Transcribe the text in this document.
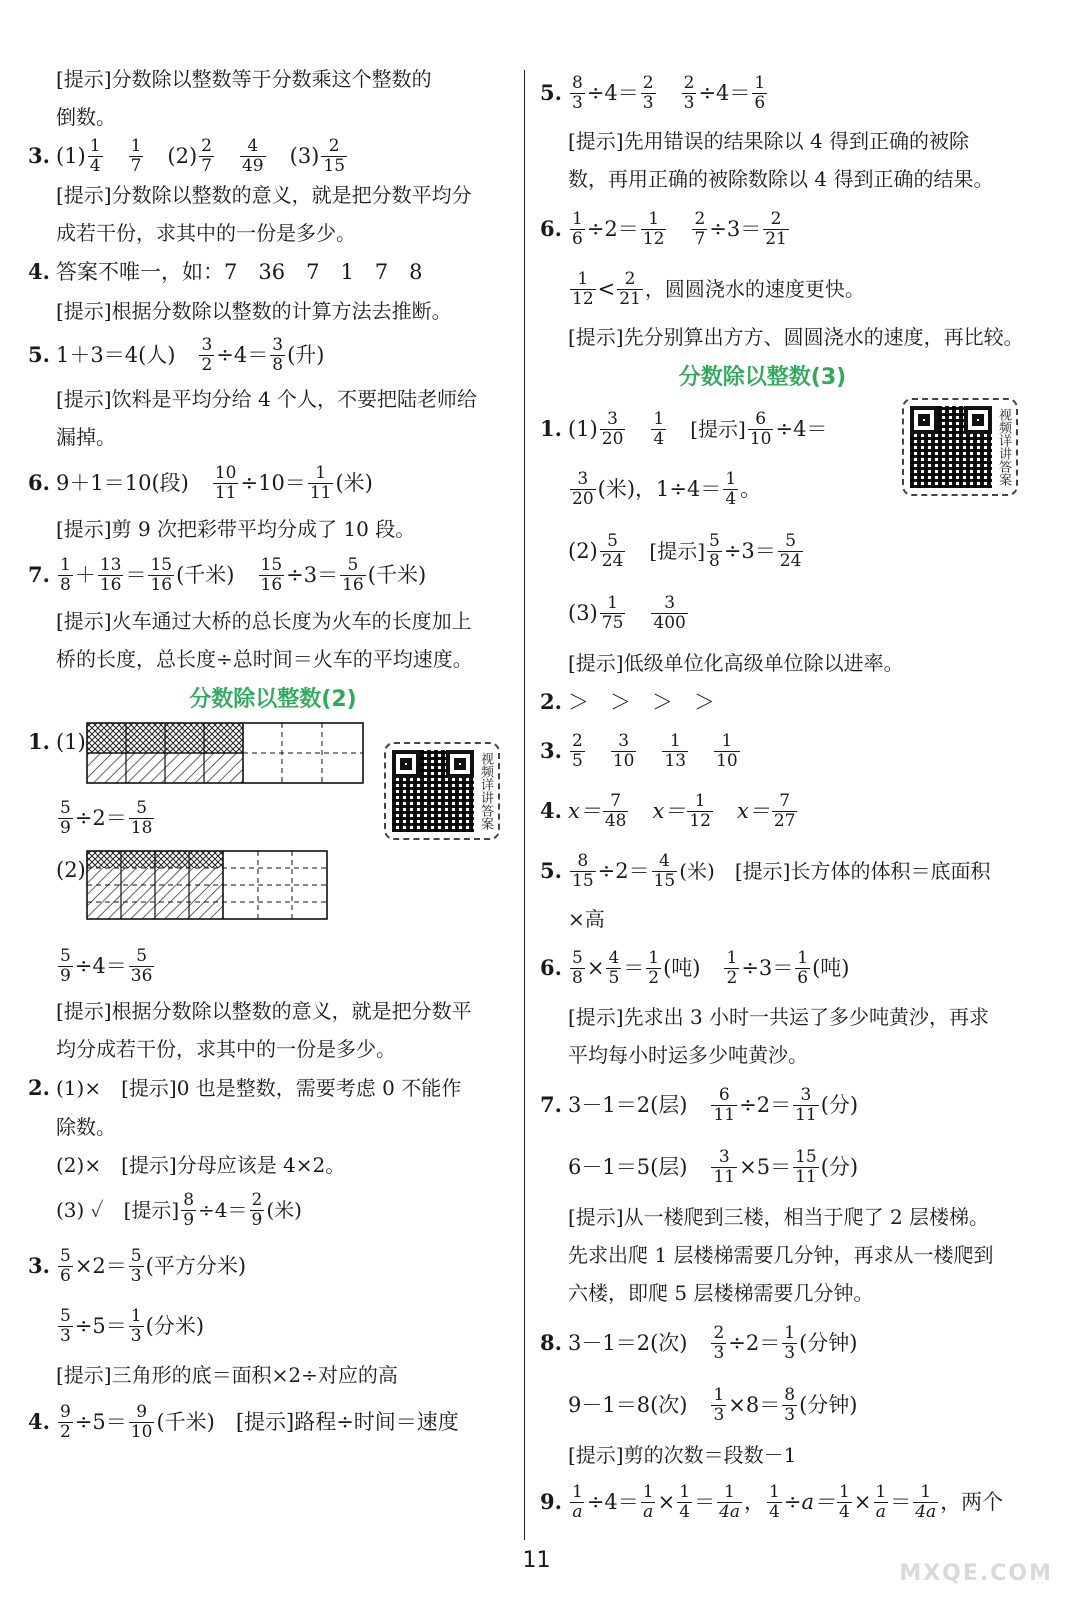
[提示]分数除以整数等于分数乘这个整数的
倒数。
3. $(1) \frac{1}{4} \frac{1}{7} (2) \frac{2}{7} \frac{4}{49} (3) \frac{2}{15}$
[提示]分数除以整数的意义，就是把分数平均分
成若干份，求其中的一份是多少。
4. 答案不唯一，如：7　36　7　1　7　8
[提示]根据分数除以整数的计算方法去推断。
5. 1＋3＝4(人) $\frac{3}{2} \div 4= \frac{3}{8}$ (升)
[提示]饮料是平均分给 4 个人，不要把陆老师给
漏掉。
6. 9＋1＝10(段) $\frac{10}{11} \div 10= \frac{1}{11}$ (米)
[提示]剪 9 次把彩带平均分成了 10 段。
7. $\frac{1}{8} + \frac{13}{16} = \frac{15}{16}$ (千米) $\frac{15}{16} \div 3= \frac{5}{16}$ (千米)
[提示]火车通过大桥的总长度为火车的长度加上
桥的长度，总长度÷总时间＝火车的平均速度。
分数除以整数(2)
1. (1)
$\frac{5}{9} \div 2= \frac{5}{18}$
(2)
$\frac{5}{9} \div 4= \frac{5}{36}$
[提示]根据分数除以整数的意义，就是把分数平
均分成若干份，求其中的一份是多少。
2. (1)×　[提示]0 也是整数，需要考虑 0 不能作
除数。
(2)×　[提示]分母应该是 4×2。
(3) ✓　[提示] $\frac{8}{9} \div 4= \frac{2}{9}$ (米)
3. $\frac{5}{6} \times 2= \frac{5}{3}$ (平方分米)
$\frac{5}{3} \div 5= \frac{1}{3}$ (分米)
[提示]三角形的底＝面积×2÷对应的高
4. $\frac{9}{2} \div 5= \frac{9}{10}$ (千米)　[提示]路程÷时间＝速度
视频详讲答案
5. $\frac{8}{3} \div 4= \frac{2}{3} \frac{2}{3} \div 4= \frac{1}{6}$
[提示]先用错误的结果除以 4 得到正确的被除
数，再用正确的被除数除以 4 得到正确的结果。
6. $\frac{1}{6} \div 2= \frac{1}{12} \frac{2}{7} \div 3= \frac{2}{21}$
$\frac{1}{12} < \frac{2}{21}$ ，圆圆浇水的速度更快。
[提示]先分别算出方方、圆圆浇水的速度，再比较。
分数除以整数(3)
1. $(1) \frac{3}{20} \frac{1}{4}$ [提示] $\frac{6}{10} \div 4=$
$\frac{3}{20}$ (米)，$1\div 4= \frac{1}{4}$ 。
$(2) \frac{5}{24}$ [提示] $\frac{5}{8} \div 3= \frac{5}{24}$
$(3) \frac{1}{75} \frac{3}{400}$
[提示]低级单位化高级单位除以进率。
2. ＞　＞　＞　＞
3. $\frac{2}{5} \frac{3}{10} \frac{1}{13} \frac{1}{10}$
4. $x= \frac{7}{48} x= \frac{1}{12} x= \frac{7}{27}$
5. $\frac{8}{15} \div 2= \frac{4}{15}$ (米)　[提示]长方体的体积＝底面积
×高
6. $\frac{5}{8} \times \frac{4}{5} = \frac{1}{2}$ (吨) $\frac{1}{2} \div 3= \frac{1}{6}$ (吨)
[提示]先求出 3 小时一共运了多少吨黄沙，再求
平均每小时运多少吨黄沙。
7. 3－1＝2(层) $\frac{6}{11} \div 2= \frac{3}{11}$ (分)
6－1＝5(层) $\frac{3}{11} \times 5= \frac{15}{11}$ (分)
[提示]从一楼爬到三楼，相当于爬了 2 层楼梯。
先求出爬 1 层楼梯需要几分钟，再求从一楼爬到
六楼，即爬 5 层楼梯需要几分钟。
8. 3－1＝2(次) $\frac{2}{3} \div 2= \frac{1}{3}$ (分钟)
9－1＝8(次) $\frac{1}{3} \times 8= \frac{8}{3}$ (分钟)
[提示]剪的次数＝段数－1
9. $\frac{1}{a} \div 4= \frac{1}{a} \times \frac{1}{4} = \frac{1}{4a}$ ， $\frac{1}{4} \div a= \frac{1}{4} \times \frac{1}{a} = \frac{1}{4a}$ ，两个
视频详讲答案
11
MXQE.COM
